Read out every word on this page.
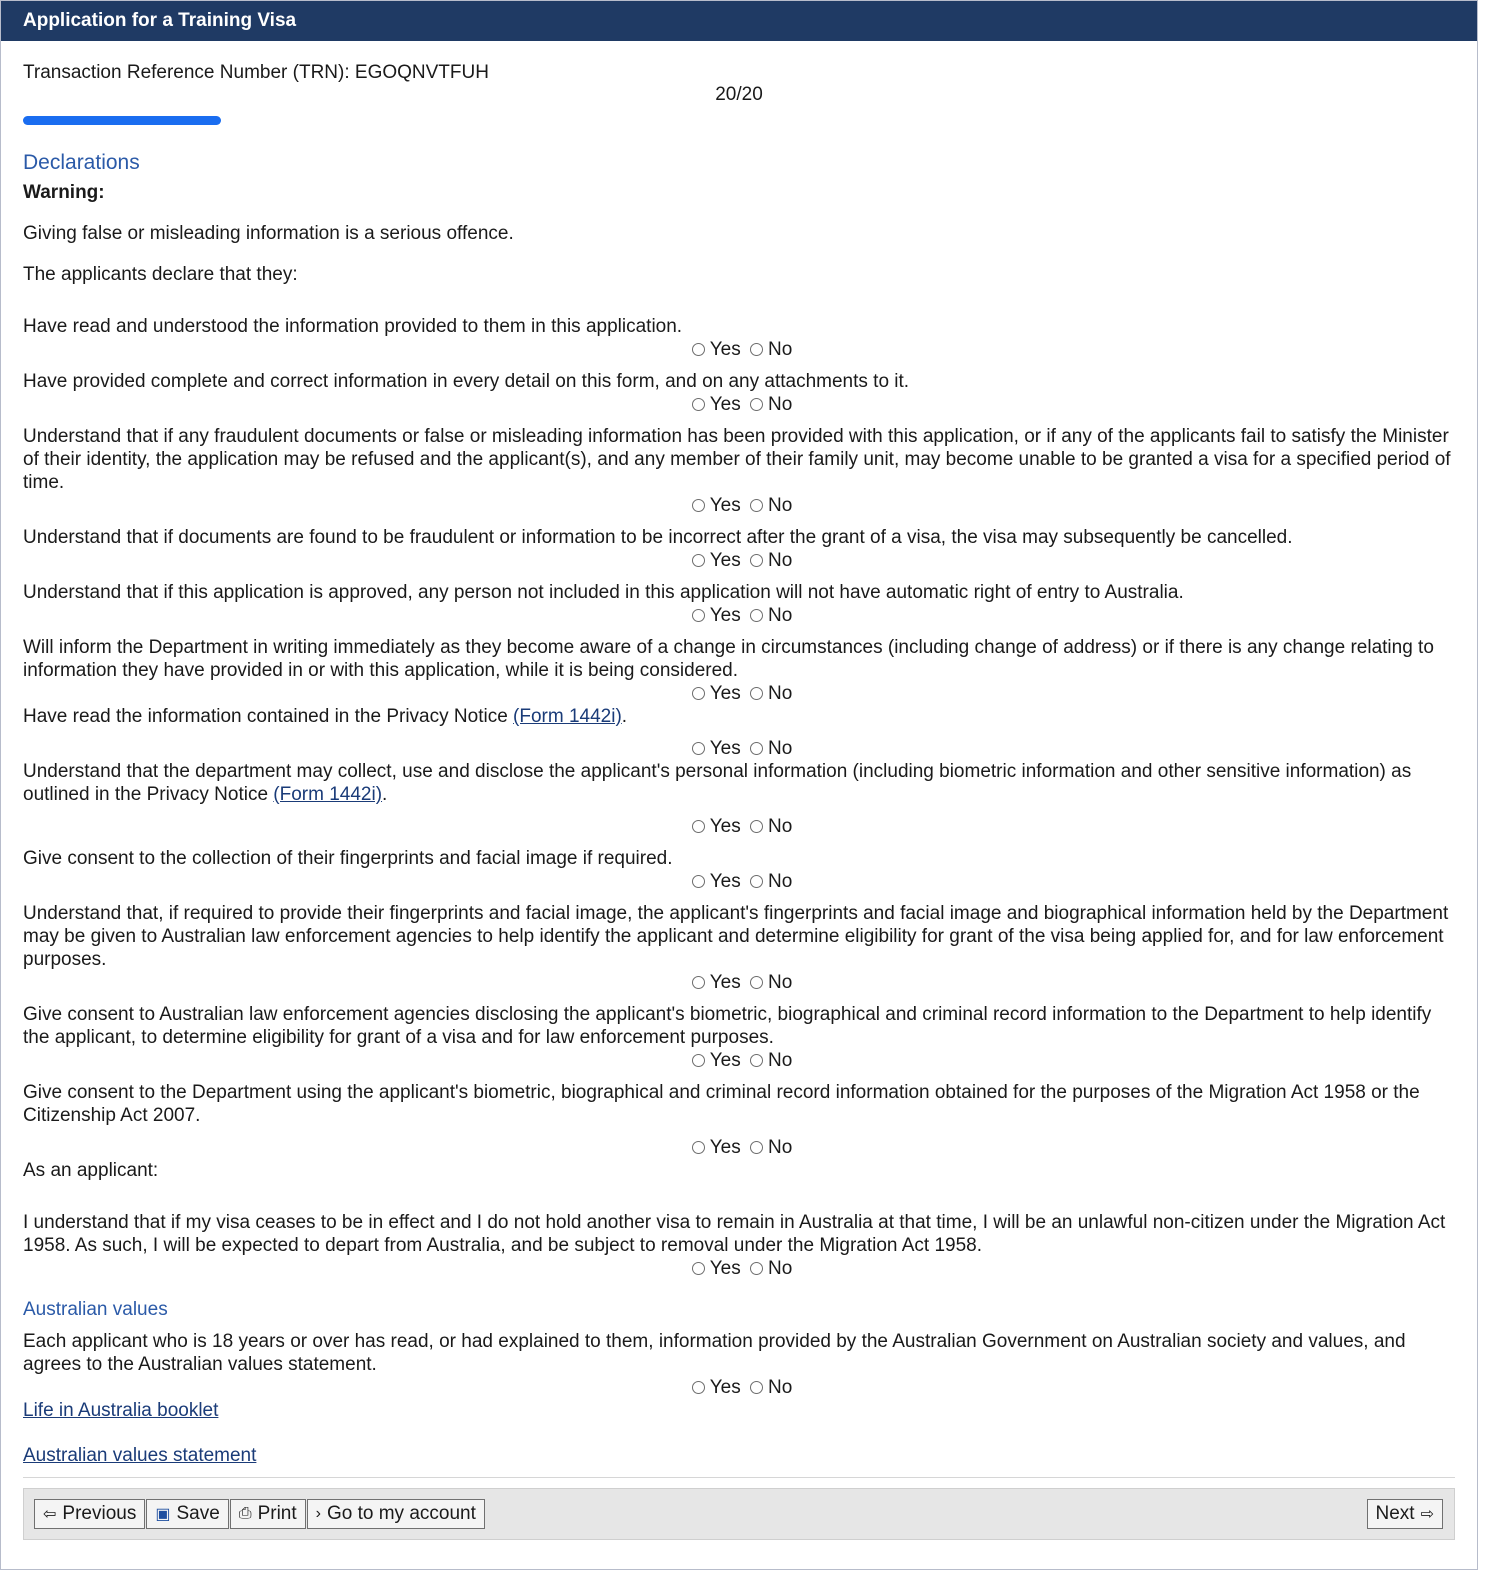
Application for a Training Visa
Transaction Reference Number (TRN): EGOQNVTFUH
20/20
Declarations
Warning:

Giving false or misleading information is a serious offence.

The applicants declare that they:

Have read and understood the information provided to them in this application.
Yes
No
Have provided complete and correct information in every detail on this form, and on any attachments to it.
Yes
No
Understand that if any fraudulent documents or false or misleading information has been provided with this application, or if any of the applicants fail to satisfy the Minister of their identity, the application may be refused and the applicant(s), and any member of their family unit, may become unable to be granted a visa for a specified period of time.
Yes
No
Understand that if documents are found to be fraudulent or information to be incorrect after the grant of a visa, the visa may subsequently be cancelled.
Yes
No
Understand that if this application is approved, any person not included in this application will not have automatic right of entry to Australia.
Yes
No
Will inform the Department in writing immediately as they become aware of a change in circumstances (including change of address) or if there is any change relating to information they have provided in or with this application, while it is being considered.
Yes
No
Have read the information contained in the Privacy Notice (Form 1442i).
Yes
No
Understand that the department may collect, use and disclose the applicant's personal information (including biometric information and other sensitive information) as outlined in the Privacy Notice (Form 1442i).
Yes
No
Give consent to the collection of their fingerprints and facial image if required.
Yes
No
Understand that, if required to provide their fingerprints and facial image, the applicant's fingerprints and facial image and biographical information held by the Department may be given to Australian law enforcement agencies to help identify the applicant and determine eligibility for grant of the visa being applied for, and for law enforcement purposes.
Yes
No
Give consent to Australian law enforcement agencies disclosing the applicant's biometric, biographical and criminal record information to the Department to help identify the applicant, to determine eligibility for grant of a visa and for law enforcement purposes.
Yes
No
Give consent to the Department using the applicant's biometric, biographical and criminal record information obtained for the purposes of the Migration Act 1958 or the Citizenship Act 2007.
Yes
No
As an applicant:
I understand that if my visa ceases to be in effect and I do not hold another visa to remain in Australia at that time, I will be an unlawful non-citizen under the Migration Act 1958. As such, I will be expected to depart from Australia, and be subject to removal under the Migration Act 1958.
Yes
No
Australian values
Each applicant who is 18 years or over has read, or had explained to them, information provided by the Australian Government on Australian society and values, and agrees to the Australian values statement.
Yes
No
Life in Australia booklet
Australian values statement
⇦ Previous ▣ Save ⎙ Print › Go to my account	Next ⇨
